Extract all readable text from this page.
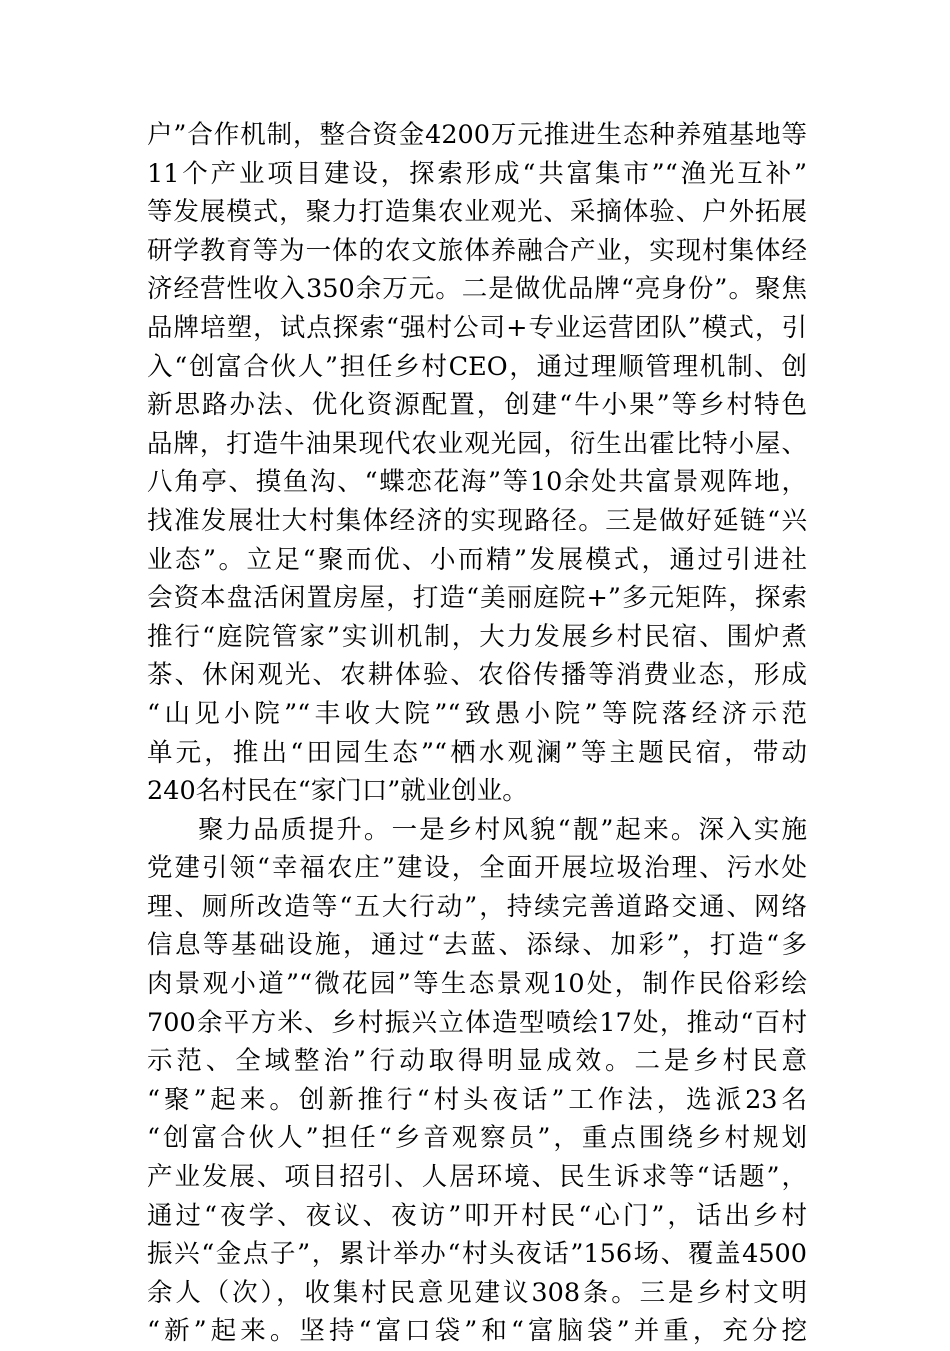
户”合作机制，整合资金4200万元推进生态种养殖基地等
11个产业项目建设，探索形成“共富集市”“渔光互补”
等发展模式，聚力打造集农业观光、采摘体验、户外拓展
研学教育等为一体的农文旅体养融合产业，实现村集体经
济经营性收入350余万元。二是做优品牌“亮身份”。聚焦
品牌培塑，试点探索“强村公司+专业运营团队”模式，引
入“创富合伙人”担任乡村CEO，通过理顺管理机制、创
新思路办法、优化资源配置，创建“牛小果”等乡村特色
品牌，打造牛油果现代农业观光园，衍生出霍比特小屋、
八角亭、摸鱼沟、“蝶恋花海”等10余处共富景观阵地，
找准发展壮大村集体经济的实现路径。三是做好延链“兴
业态”。立足“聚而优、小而精”发展模式，通过引进社
会资本盘活闲置房屋，打造“美丽庭院+”多元矩阵，探索
推行“庭院管家”实训机制，大力发展乡村民宿、围炉煮
茶、休闲观光、农耕体验、农俗传播等消费业态，形成
“山见小院”“丰收大院”“致愚小院”等院落经济示范
单元，推出“田园生态”“栖水观澜”等主题民宿，带动
240名村民在“家门口”就业创业。
聚力品质提升。一是乡村风貌“靓”起来。深入实施
党建引领“幸福农庄”建设，全面开展垃圾治理、污水处
理、厕所改造等“五大行动”，持续完善道路交通、网络
信息等基础设施，通过“去蓝、添绿、加彩”，打造“多
肉景观小道”“微花园”等生态景观10处，制作民俗彩绘
700余平方米、乡村振兴立体造型喷绘17处，推动“百村
示范、全域整治”行动取得明显成效。二是乡村民意
“聚”起来。创新推行“村头夜话”工作法，选派23名
“创富合伙人”担任“乡音观察员”，重点围绕乡村规划
产业发展、项目招引、人居环境、民生诉求等“话题”，
通过“夜学、夜议、夜访”叩开村民“心门”，话出乡村
振兴“金点子”，累计举办“村头夜话”156场、覆盖4500
余人（次），收集村民意见建议308条。三是乡村文明
“新”起来。坚持“富口袋”和“富脑袋”并重，充分挖
